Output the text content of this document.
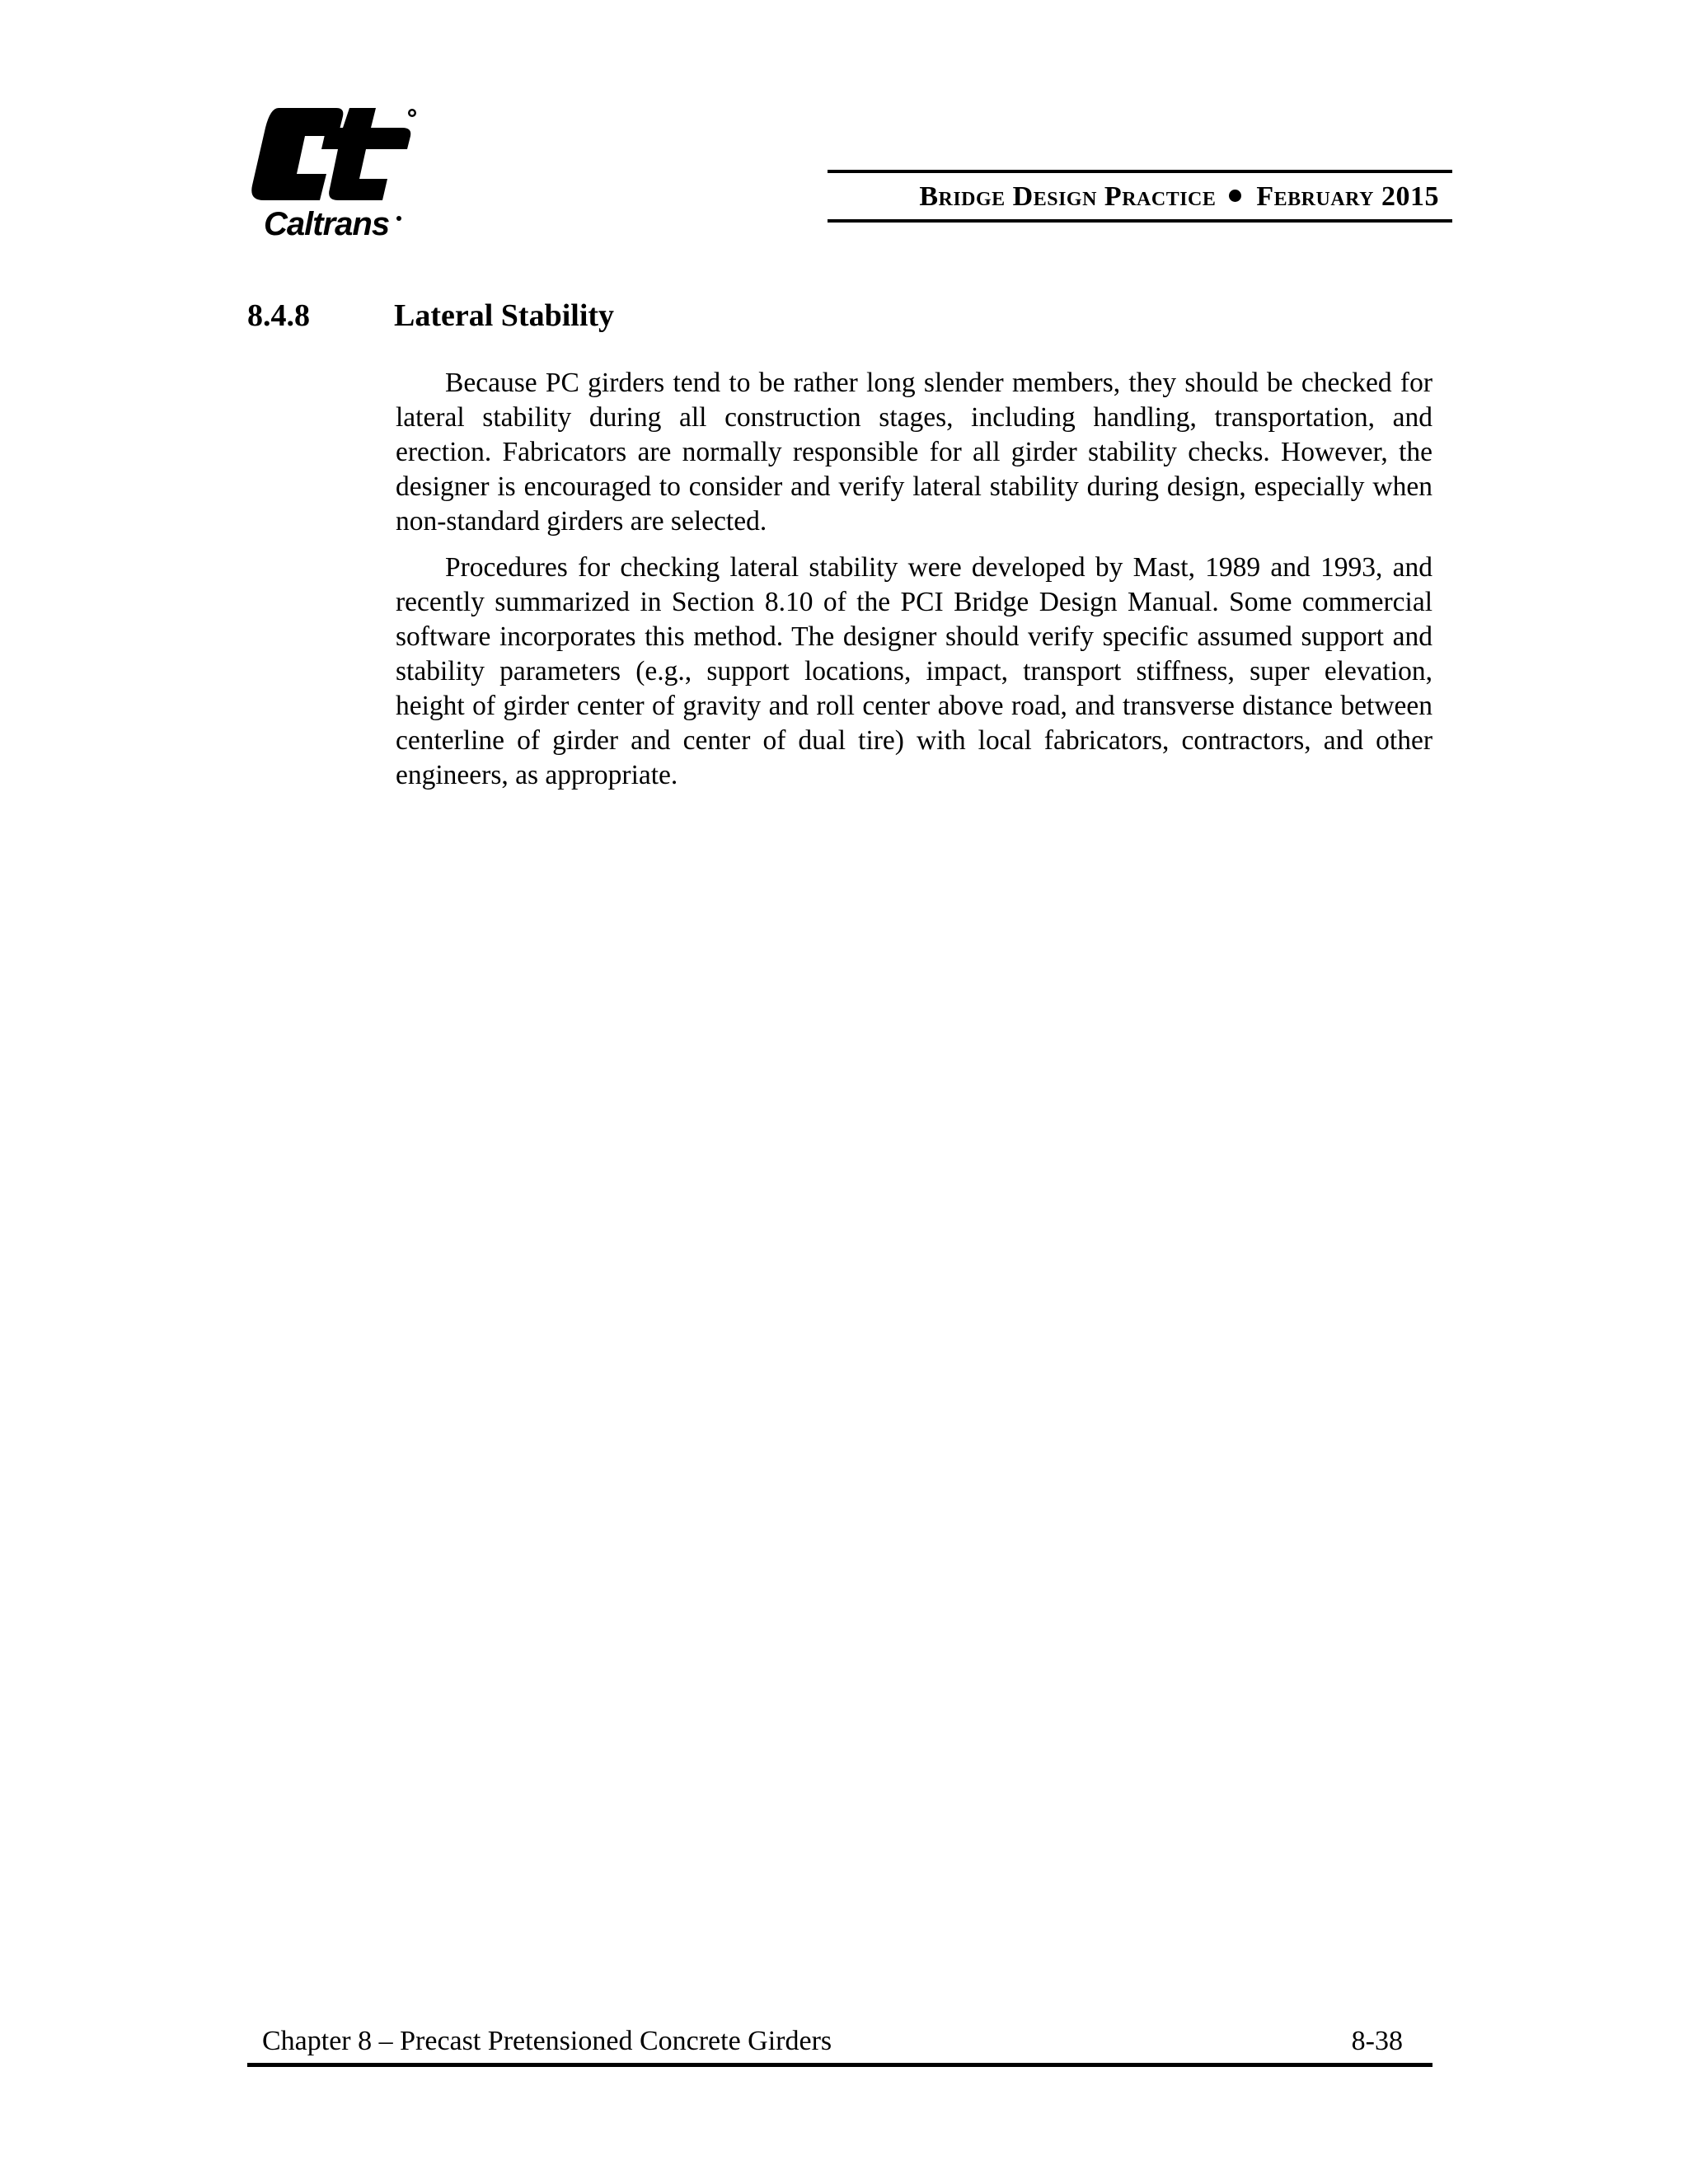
Caltrans
Bridge Design Practice February 2015
8.4.8	Lateral Stability

Because PC girders tend to be rather long slender members, they should be checked for lateral stability during all construction stages, including handling, transportation, and erection. Fabricators are normally responsible for all girder stability checks. However, the designer is encouraged to consider and verify lateral stability during design, especially when non-standard girders are selected.

Procedures for checking lateral stability were developed by Mast, 1989 and 1993, and recently summarized in Section 8.10 of the PCI Bridge Design Manual. Some commercial software incorporates this method. The designer should verify specific assumed support and stability parameters (e.g., support locations, impact, transport stiffness, super elevation, height of girder center of gravity and roll center above road, and transverse distance between centerline of girder and center of dual tire) with local fabricators, contractors, and other engineers, as appropriate.

Chapter 8 – Precast Pretensioned Concrete Girders	8-38
